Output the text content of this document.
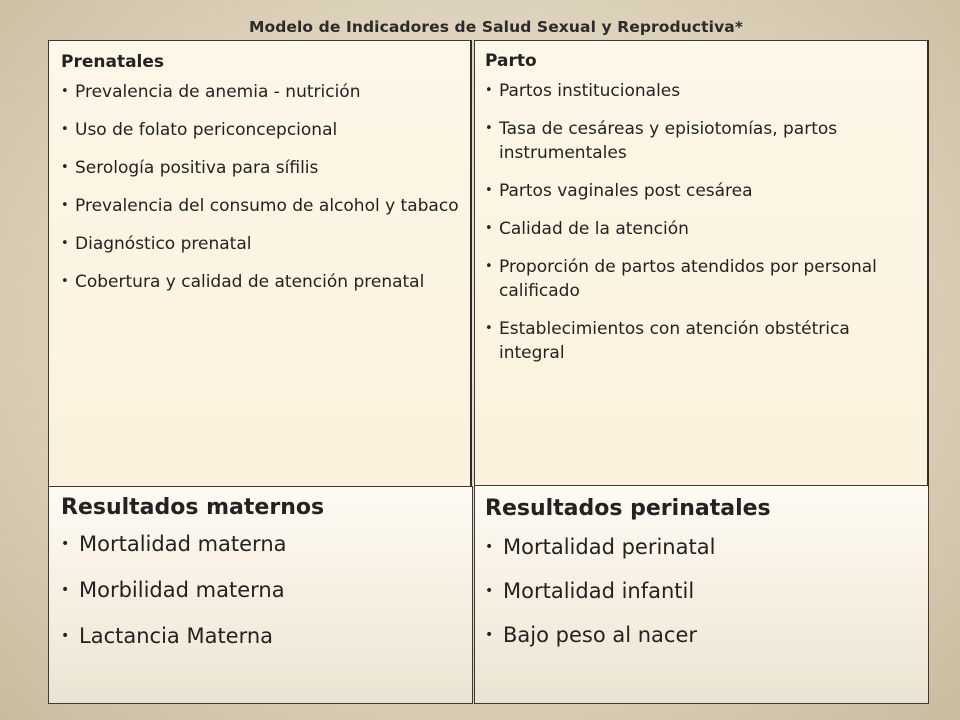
Modelo de Indicadores de Salud Sexual y Reproductiva*

Prenatales

• Prevalencia de anemia - nutrición
• Uso de folato periconcepcional
• Serología positiva para sífilis
• Prevalencia del consumo de alcohol y tabaco
• Diagnóstico prenatal
• Cobertura y calidad de atención prenatal

Parto

• Partos institucionales
• Tasa de cesáreas y episiotomías, partos instrumentales
• Partos vaginales post cesárea
• Calidad de la atención
• Proporción de partos atendidos por personal calificado
• Establecimientos con atención obstétrica integral

Resultados maternos

• Mortalidad materna
• Morbilidad materna
• Lactancia Materna

Resultados perinatales

• Mortalidad perinatal
• Mortalidad infantil
• Bajo peso al nacer
